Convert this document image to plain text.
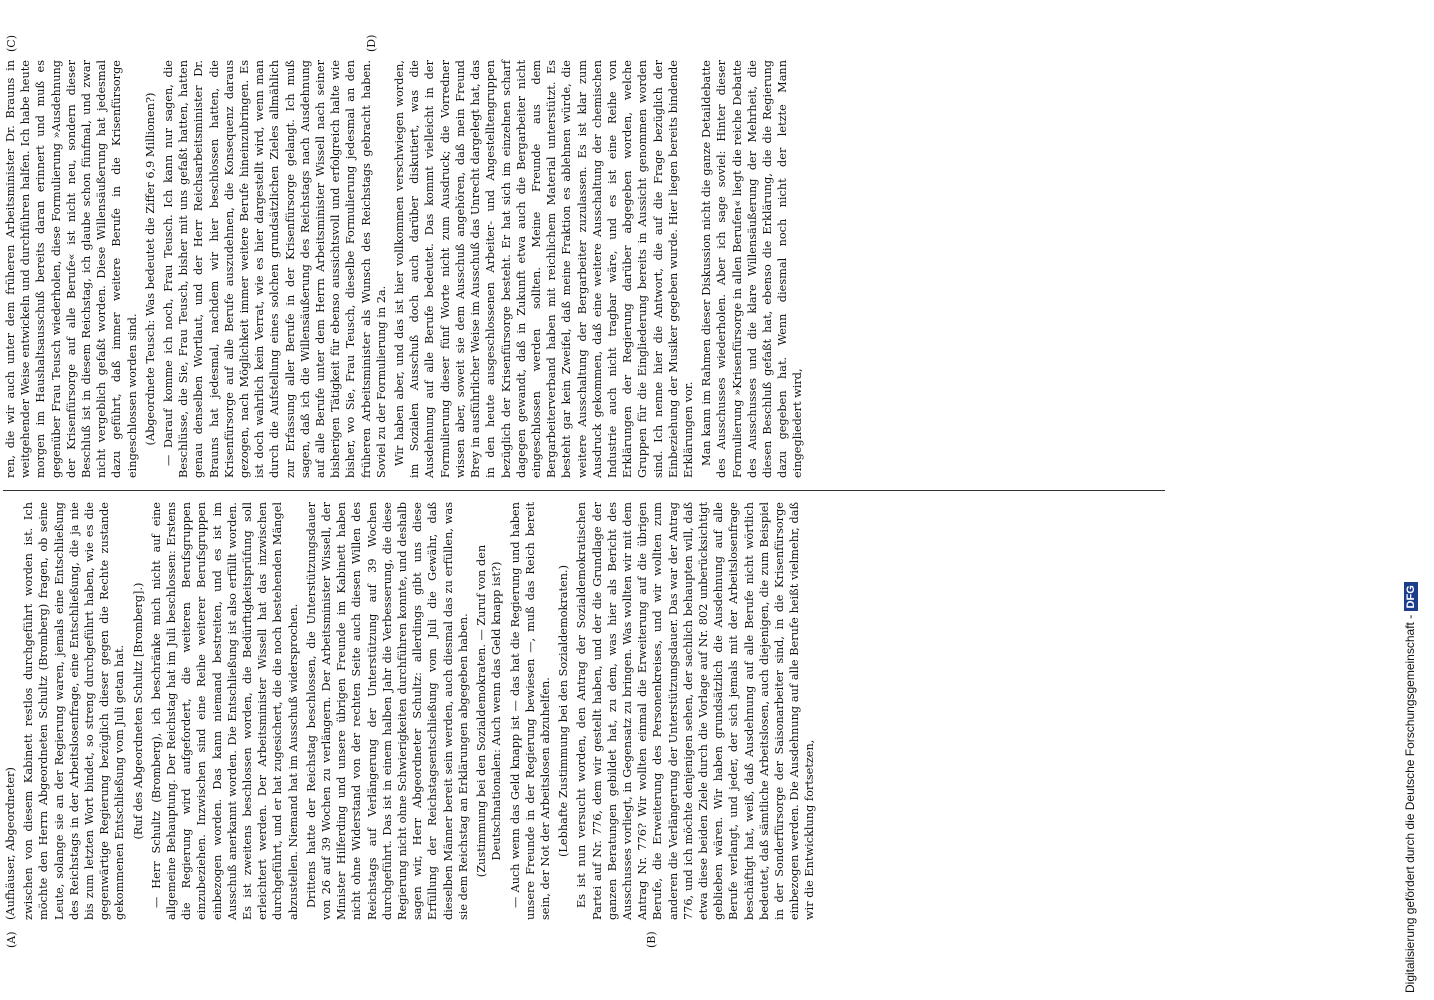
(A)	(B)
(C)	(D)

(Aufhäuser, Abgeordneter) zwischen von diesem Kabinett restlos durchgeführt worden ist. Ich möchte den Herrn Abgeordneten Schultz (Bromberg) fragen, ob seine Leute, solange sie an der Regierung waren, jemals eine Entschließung des Reichstags in der Arbeitslosenfrage, eine Entschließung, die ja nie bis zum letzten Wort bindet, so streng durchgeführt haben, wie es die gegenwärtige Regierung bezüglich dieser gegen die Rechte zustande gekommenen Entschließung vom Juli getan hat. (Ruf des Abgeordneten Schultz [Bromberg].) — Herr Schultz (Bromberg), ich beschränke mich nicht auf eine allgemeine Behauptung. Der Reichstag hat im Juli beschlossen: Erstens die Regierung wird aufgefordert, die weiteren Berufsgruppen einzubeziehen. Inzwischen sind eine Reihe weiterer Berufsgruppen einbezogen worden. Das kann niemand bestreiten, und es ist im Ausschuß anerkannt worden. Die Entschließung ist also erfüllt worden. Es ist zweitens beschlossen worden, die Bedürftigkeitsprüfung soll erleichtert werden. Der Arbeitsminister Wissell hat das inzwischen durchgeführt, und er hat zugesichert, die die noch bestehenden Mängel abzustellen. Niemand hat im Ausschuß widersprochen. Drittens hatte der Reichstag beschlossen, die Unterstützungsdauer von 26 auf 39 Wochen zu verlängern. Der Arbeitsminister Wissell, der Minister Hilferding und unsere übrigen Freunde im Kabinett haben nicht ohne Widerstand von der rechten Seite auch diesen Willen des Reichstags auf Verlängerung der Unterstützung auf 39 Wochen durchgeführt. Das ist in einem halben Jahr die Verbesserung, die diese Regierung nicht ohne Schwierigkeiten durchführen konnte, und deshalb sagen wir, Herr Abgeordneter Schultz: allerdings gibt uns diese Erfüllung der Reichstagsentschließung vom Juli die Gewähr, daß dieselben Männer bereit sein werden, auch diesmal das zu erfüllen, was sie dem Reichstag an Erklärungen abgegeben haben. (Zustimmung bei den Sozialdemokraten. — Zuruf von den Deutschnationalen: Auch wenn das Geld knapp ist?) — Auch wenn das Geld knapp ist — das hat die Regierung und haben unsere Freunde in der Regierung bewiesen —, muß das Reich bereit sein, der Not der Arbeitslosen abzuhelfen. (Lebhafte Zustimmung bei den Sozialdemokraten.) Es ist nun versucht worden, den Antrag der Sozialdemokratischen Partei auf Nr. 776, dem wir gestellt haben, und der die Grundlage der ganzen Beratungen gebildet hat, zu dem, was hier als Bericht des Ausschusses vorliegt, in Gegensatz zu bringen. Was wollten wir mit dem Antrag Nr. 776? Wir wollten einmal die Erweiterung auf die übrigen Berufe, die Erweiterung des Personenkreises, und wir wollten zum anderen die Verlängerung der Unterstützungsdauer. Das war der Antrag 776, und ich möchte denjenigen sehen, der sachlich behaupten will, daß etwa diese beiden Ziele durch die Vorlage auf Nr. 802 unberücksichtigt geblieben wären. Wir haben grundsätzlich die Ausdehnung auf alle Berufe verlangt, und jeder, der sich jemals mit der Arbeitslosenfrage beschäftigt hat, weiß, daß Ausdehnung auf alle Berufe nicht wörtlich bedeutet, daß sämtliche Arbeitslosen, auch diejenigen, die zum Beispiel in der Sonderfürsorge der Saisonarbeiter sind, in die Krisenfürsorge einbezogen werden. Die Ausdehnung auf alle Berufe heißt vielmehr, daß wir die Entwicklung fortsetzen,

ren, die wir auch unter dem früheren Arbeitsminister Dr. Brauns in weitgehender Weise entwickeln und durchführen halfen. Ich habe heute morgen im Haushaltsausschuß bereits daran erinnert und muß es gegenüber Frau Teusch wiederholen, diese Formulierung »Ausdehnung der Krisenfürsorge auf alle Berufe« ist nicht neu, sondern dieser Beschluß ist in diesem Reichstag, ich glaube schon fünfmal, und zwar nicht vergeblich gefaßt worden. Diese Willensäußerung hat jedesmal dazu geführt, daß immer weitere Berufe in die Krisenfürsorge eingeschlossen worden sind. (Abgeordnete Teusch: Was bedeutet die Ziffer 6,9 Millionen?) — Darauf komme ich noch, Frau Teusch. Ich kann nur sagen, die Beschlüsse, die Sie, Frau Teusch, bisher mit uns gefaßt hatten, hatten genau denselben Wortlaut, und der Herr Reichsarbeitsminister Dr. Brauns hat jedesmal, nachdem wir hier beschlossen hatten, die Krisenfürsorge auf alle Berufe auszudehnen, die Konsequenz daraus gezogen, nach Möglichkeit immer weitere Berufe hineinzubringen. Es ist doch wahrlich kein Verrat, wie es hier dargestellt wird, wenn man durch die Aufstellung eines solchen grundsätzlichen Zieles allmählich zur Erfassung aller Berufe in der Krisenfürsorge gelangt. Ich muß sagen, daß ich die Willensäußerung des Reichstags nach Ausdehnung auf alle Berufe unter dem Herrn Arbeitsminister Wissell nach seiner bisherigen Tätigkeit für ebenso aussichtsvoll und erfolgreich halte wie bisher, wo Sie, Frau Teusch, dieselbe Formulierung jedesmal an den früheren Arbeitsminister als Wunsch des Reichstags gebracht haben. Soviel zu der Formulierung in 2a. Wir haben aber, und das ist hier vollkommen verschwiegen worden, im Sozialen Ausschuß doch auch darüber diskutiert, was die Ausdehnung auf alle Berufe bedeutet. Das kommt vielleicht in der Formulierung dieser fünf Worte nicht zum Ausdruck; die Vorredner wissen aber, soweit sie dem Ausschuß angehören, daß mein Freund Brey in ausführlicher Weise im Ausschuß das Unrecht dargelegt hat, das in den heute ausgeschlossenen Arbeiter- und Angestelltengruppen bezüglich der Krisenfürsorge besteht. Er hat sich im einzelnen scharf dagegen gewandt, daß in Zukunft etwa auch die Bergarbeiter nicht eingeschlossen werden sollten. Meine Freunde aus dem Bergarbeiterverband haben mit reichlichem Material unterstützt. Es besteht gar kein Zweifel, daß meine Fraktion es ablehnen würde, die weitere Ausschaltung der Bergarbeiter zuzulassen. Es ist klar zum Ausdruck gekommen, daß eine weitere Ausschaltung der chemischen Industrie auch nicht tragbar wäre, und es ist eine Reihe von Erklärungen der Regierung darüber abgegeben worden, welche Gruppen für die Eingliederung bereits in Aussicht genommen worden sind. Ich nenne hier die Antwort, die auf die Frage bezüglich der Einbeziehung der Musiker gegeben wurde. Hier liegen bereits bindende Erklärungen vor. Man kann im Rahmen dieser Diskussion nicht die ganze Detaildebatte des Ausschusses wiederholen. Aber ich sage soviel: Hinter dieser Formulierung »Krisenfürsorge in allen Berufen« liegt die reiche Debatte des Ausschusses und die klare Willensäußerung der Mehrheit, die diesen Beschluß gefaßt hat, ebenso die Erklärung, die die Regierung dazu gegeben hat. Wenn diesmal noch nicht der letzte Mann eingegliedert wird,

Digitalisierung gefördert durch die Deutsche Forschungsgemeinschaft - DFG
